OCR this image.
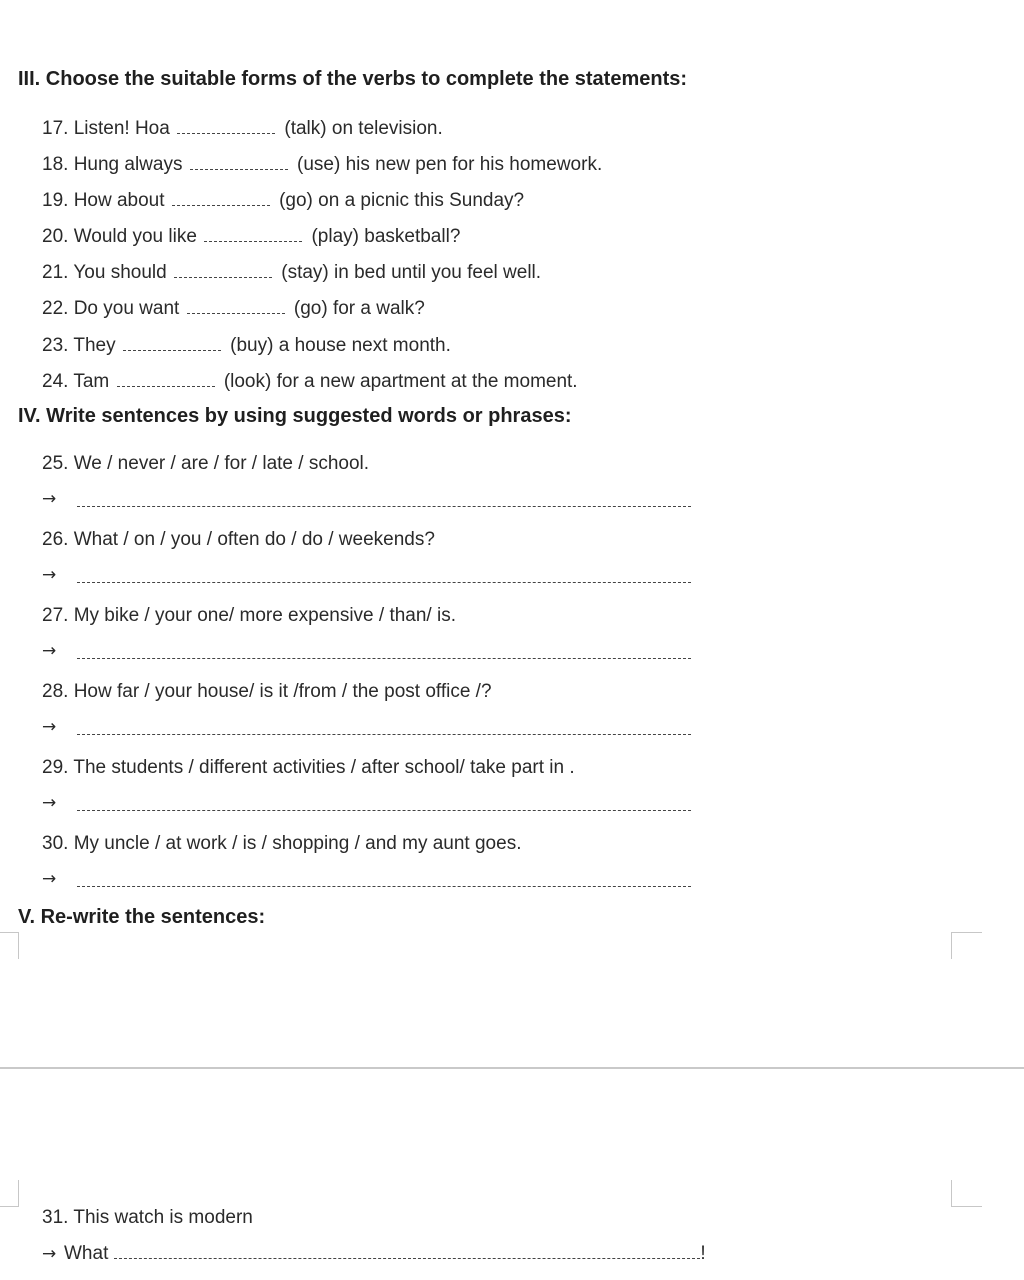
III. Choose the suitable forms of the verbs to complete the statements:
17. Listen! Hoa	(talk) on television.
18. Hung always	(use) his new pen for his homework.
19. How about	(go) on a picnic this Sunday?
20. Would you like	(play) basketball?
21. You should	(stay) in bed until you feel well.
22. Do you want	(go) for a walk?
23. They	(buy) a house next month.
24. Tam	(look) for a new apartment at the moment.
IV. Write sentences by using suggested words or phrases:
25. We / never / are / for / late / school.
→
26. What / on / you / often do / do / weekends?
→
27. My bike / your one/ more expensive / than/ is.
→
28. How far / your house/ is it /from / the post office /?
→
29. The students / different activities / after school/ take part in .
→
30. My uncle / at work / is / shopping / and my aunt goes.
→
V. Re-write the sentences:
31. This watch is modern
→ What	!
